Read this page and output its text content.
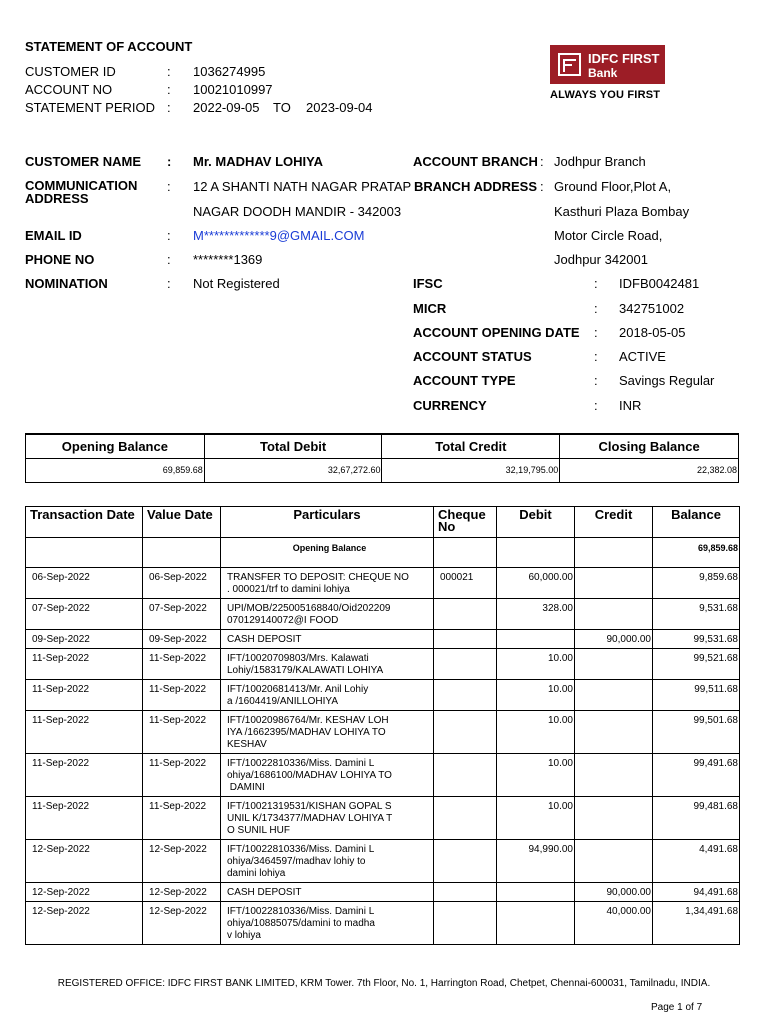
STATEMENT OF ACCOUNT
CUSTOMER ID	: 1036274995
ACCOUNT NO	: 10021010997
STATEMENT PERIOD : 2022-09-05 TO 2023-09-04
IDFC FIRST
Bank
ALWAYS YOU FIRST
CUSTOMER NAME : Mr. MADHAV LOHIYA
COMMUNICATION
ADDRESS
: 12 A SHANTI NATH NAGAR PRATAP
NAGAR DOODH MANDIR - 342003
EMAIL ID	: M*************9@GMAIL.COM
PHONE NO	: ********1369
NOMINATION	: Not Registered
ACCOUNT BRANCH : Jodhpur Branch
BRANCH ADDRESS : Ground Floor,Plot A,
Kasthuri Plaza Bombay
Motor Circle Road,
Jodhpur 342001
IFSC	: IDFB0042481
MICR	: 342751002
ACCOUNT OPENING DATE : 2018-05-05
ACCOUNT STATUS	: ACTIVE
ACCOUNT TYPE	: Savings Regular
CURRENCY	: INR
Opening Balance	Total Debit	Total Credit	Closing Balance
69,859.68	32,67,272.60	32,19,795.00	22,382.08
Transaction Date	Value Date	Particulars	Cheque
No	Debit	Credit	Balance
		Opening Balance				69,859.68
06-Sep-2022	06-Sep-2022	TRANSFER TO DEPOSIT: CHEQUE NO
. 000021/trf to damini lohiya	000021	60,000.00		9,859.68
07-Sep-2022	07-Sep-2022	UPI/MOB/225005168840/Oid202209
070129140072@I FOOD		328.00		9,531.68
09-Sep-2022	09-Sep-2022	CASH DEPOSIT			90,000.00	99,531.68
11-Sep-2022	11-Sep-2022	IFT/10020709803/Mrs. Kalawati
Lohiy/1583179/KALAWATI LOHIYA		10.00		99,521.68
11-Sep-2022	11-Sep-2022	IFT/10020681413/Mr. Anil Lohiy
a /1604419/ANILLOHIYA		10.00		99,511.68
11-Sep-2022	11-Sep-2022	IFT/10020986764/Mr. KESHAV LOH
IYA /1662395/MADHAV LOHIYA TO
KESHAV		10.00		99,501.68
11-Sep-2022	11-Sep-2022	IFT/10022810336/Miss. Damini L
ohiya/1686100/MADHAV LOHIYA TO
DAMINI		10.00		99,491.68
11-Sep-2022	11-Sep-2022	IFT/10021319531/KISHAN GOPAL S
UNIL K/1734377/MADHAV LOHIYA T
O SUNIL HUF		10.00		99,481.68
12-Sep-2022	12-Sep-2022	IFT/10022810336/Miss. Damini L
ohiya/3464597/madhav lohiy to
damini lohiya		94,990.00		4,491.68
12-Sep-2022	12-Sep-2022	CASH DEPOSIT			90,000.00	94,491.68
12-Sep-2022	12-Sep-2022	IFT/10022810336/Miss. Damini L
ohiya/10885075/damini to madha
v lohiya			40,000.00	1,34,491.68
REGISTERED OFFICE: IDFC FIRST BANK LIMITED, KRM Tower. 7th Floor, No. 1, Harrington Road, Chetpet, Chennai-600031, Tamilnadu, INDIA.
Page 1 of 7
